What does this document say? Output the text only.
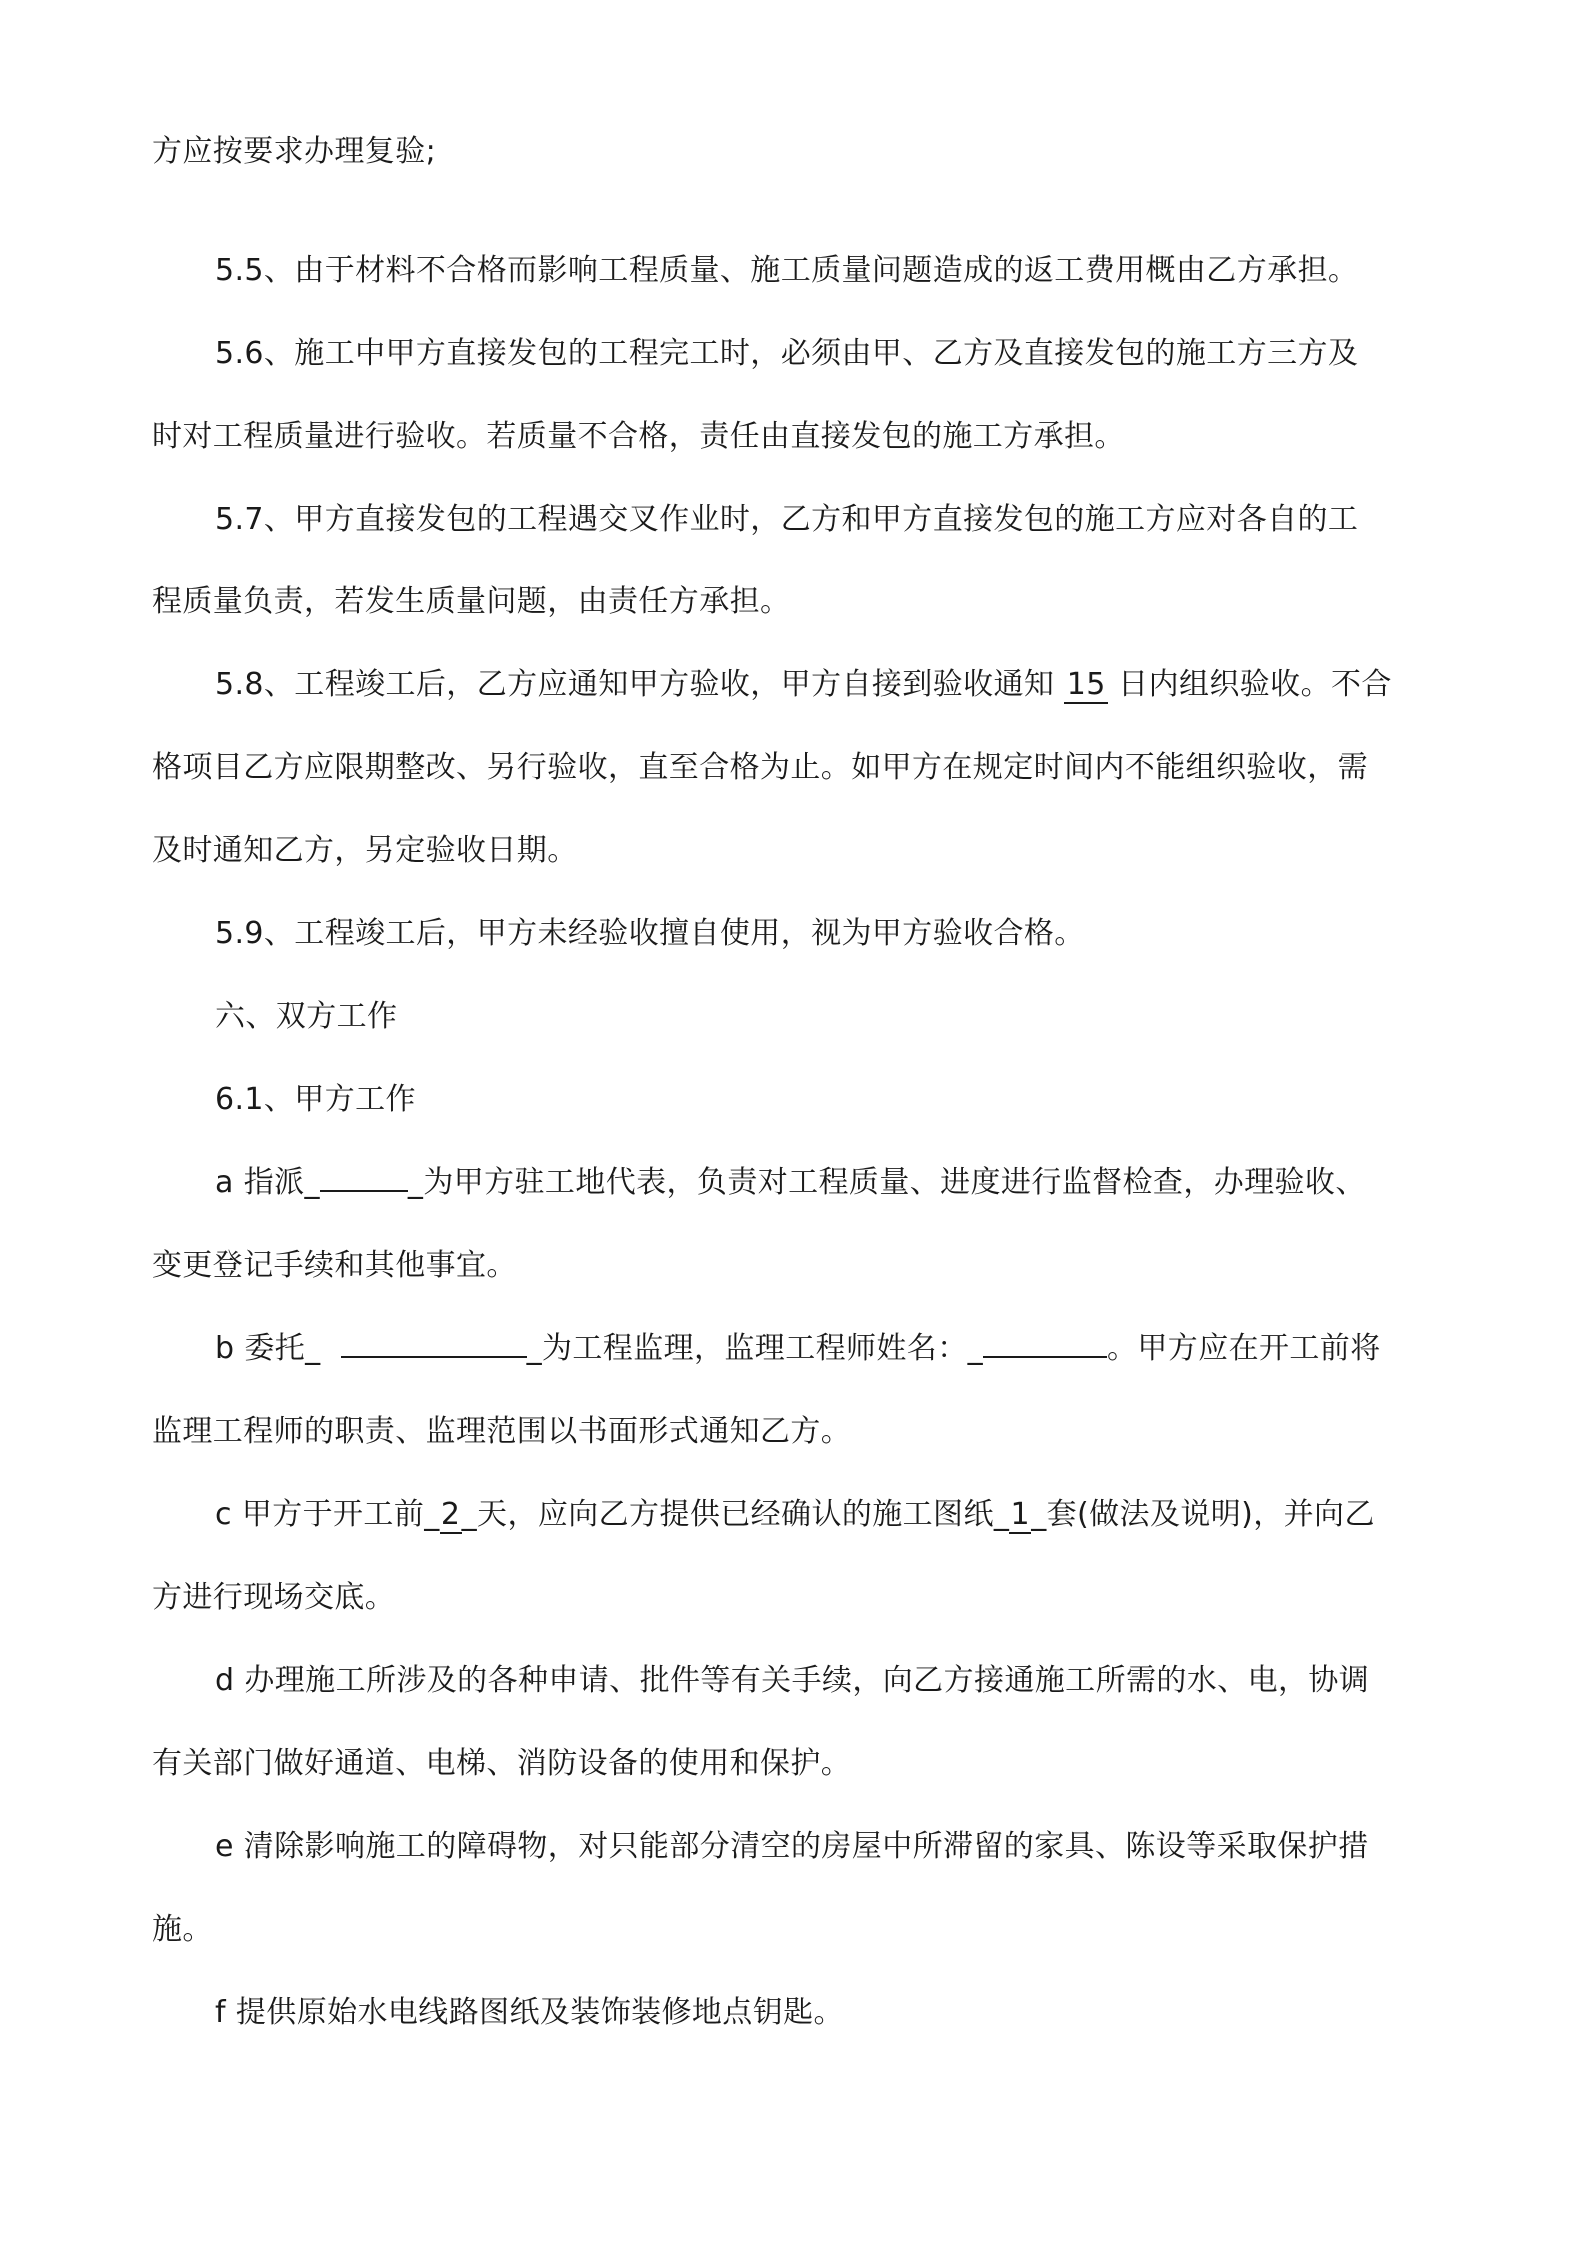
方应按要求办理复验;
5.5、由于材料不合格而影响工程质量、施工质量问题造成的返工费用概由乙方承担。
5.6、施工中甲方直接发包的工程完工时，必须由甲、乙方及直接发包的施工方三方及
时对工程质量进行验收。若质量不合格，责任由直接发包的施工方承担。
5.7、甲方直接发包的工程遇交叉作业时，乙方和甲方直接发包的施工方应对各自的工
程质量负责，若发生质量问题，由责任方承担。
5.8、工程竣工后，乙方应通知甲方验收，甲方自接到验收通知 15 日内组织验收。不合
格项目乙方应限期整改、另行验收，直至合格为止。如甲方在规定时间内不能组织验收，需
及时通知乙方，另定验收日期。
5.9、工程竣工后，甲方未经验收擅自使用，视为甲方验收合格。
六、双方工作
6.1、甲方工作
a 指派_	_为甲方驻工地代表，负责对工程质量、进度进行监督检查，办理验收、
变更登记手续和其他事宜。
b 委托_	_为工程监理，监理工程师姓名：_	。甲方应在开工前将
监理工程师的职责、监理范围以书面形式通知乙方。
c 甲方于开工前_2_天，应向乙方提供已经确认的施工图纸_1_套(做法及说明)，并向乙
方进行现场交底。
d 办理施工所涉及的各种申请、批件等有关手续，向乙方接通施工所需的水、电，协调
有关部门做好通道、电梯、消防设备的使用和保护。
e 清除影响施工的障碍物，对只能部分清空的房屋中所滞留的家具、陈设等采取保护措
施。
f 提供原始水电线路图纸及装饰装修地点钥匙。
